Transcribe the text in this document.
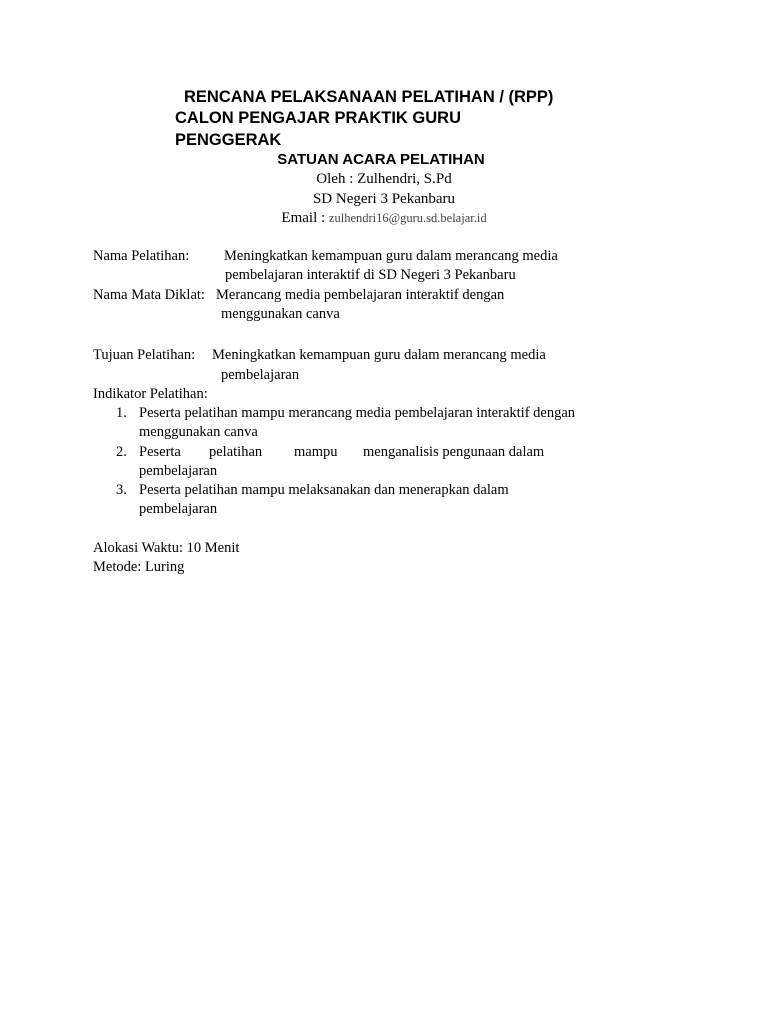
RENCANA PELAKSANAAN PELATIHAN / (RPP)
CALON PENGAJAR PRAKTIK GURU
PENGGERAK
SATUAN ACARA PELATIHAN
Oleh : Zulhendri, S.Pd
SD Negeri 3 Pekanbaru
Email : zulhendri16@guru.sd.belajar.id
Nama Pelatihan: Meningkatkan kemampuan guru dalam merancang media
pembelajaran interaktif di SD Negeri 3 Pekanbaru
Nama Mata Diklat: Merancang media pembelajaran interaktif dengan
menggunakan canva
Tujuan Pelatihan: Meningkatkan kemampuan guru dalam merancang media
pembelajaran
Indikator Pelatihan:
1. Peserta pelatihan mampu merancang media pembelajaran interaktif dengan
menggunakan canva
2. Peserta pelatihan mampu menganalisis pengunaan dalam
pembelajaran
3. Peserta pelatihan mampu melaksanakan dan menerapkan dalam
pembelajaran
Alokasi Waktu: 10 Menit
Metode: Luring
